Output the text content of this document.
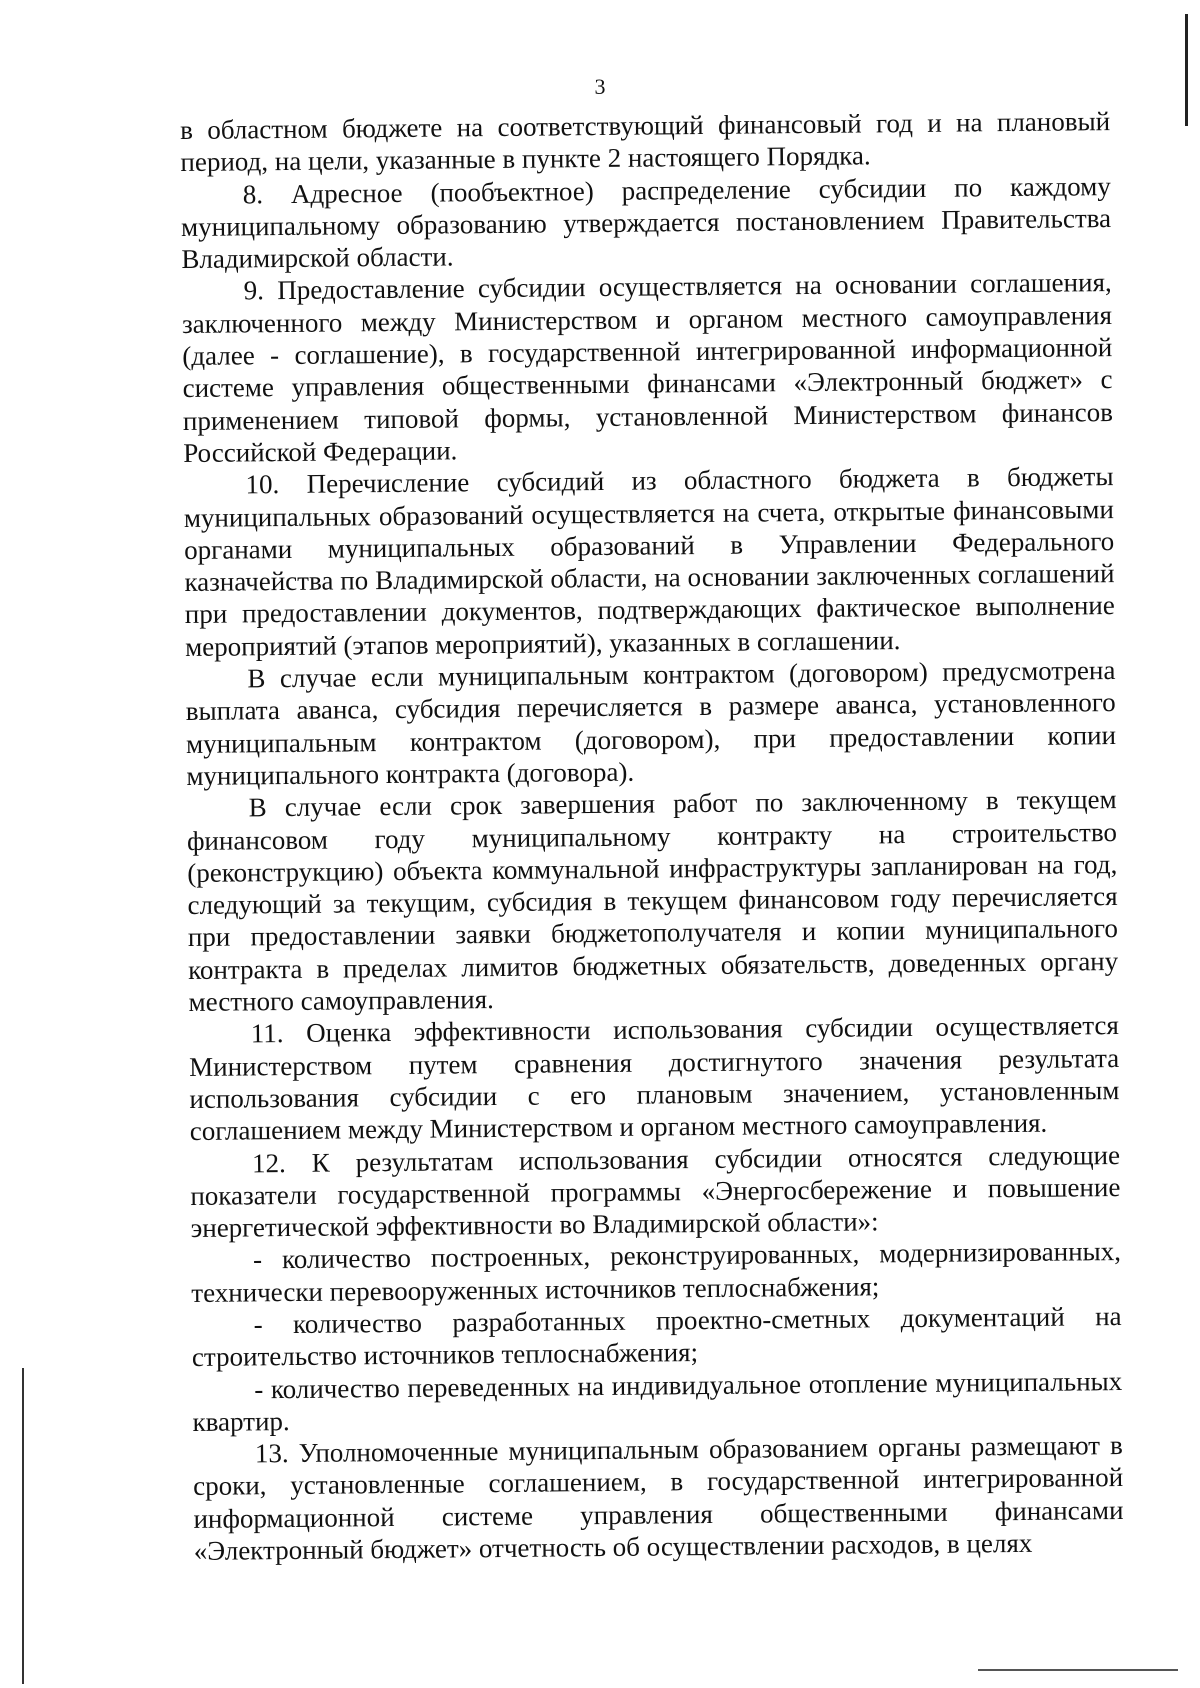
3

в областном бюджете на соответствующий финансовый год и на плановый период, на цели, указанные в пункте 2 настоящего Порядка.

8. Адресное (пообъектное) распределение субсидии по каждому муниципальному образованию утверждается постановлением Правительства Владимирской области.

9. Предоставление субсидии осуществляется на основании соглашения, заключенного между Министерством и органом местного самоуправления (далее - соглашение), в государственной интегрированной информационной системе управления общественными финансами «Электронный бюджет» с применением типовой формы, установленной Министерством финансов Российской Федерации.

10. Перечисление субсидий из областного бюджета в бюджеты муниципальных образований осуществляется на счета, открытые финансовыми органами муниципальных образований в Управлении Федерального казначейства по Владимирской области, на основании заключенных соглашений при предоставлении документов, подтверждающих фактическое выполнение мероприятий (этапов мероприятий), указанных в соглашении.

В случае если муниципальным контрактом (договором) предусмотрена выплата аванса, субсидия перечисляется в размере аванса, установленного муниципальным контрактом (договором), при предоставлении копии муниципального контракта (договора).

В случае если срок завершения работ по заключенному в текущем финансовом году муниципальному контракту на строительство (реконструкцию) объекта коммунальной инфраструктуры запланирован на год, следующий за текущим, субсидия в текущем финансовом году перечисляется при предоставлении заявки бюджетополучателя и копии муниципального контракта в пределах лимитов бюджетных обязательств, доведенных органу местного самоуправления.

11. Оценка эффективности использования субсидии осуществляется Министерством путем сравнения достигнутого значения результата использования субсидии с его плановым значением, установленным соглашением между Министерством и органом местного самоуправления.

12. К результатам использования субсидии относятся следующие показатели государственной программы «Энергосбережение и повышение энергетической эффективности во Владимирской области»:

- количество построенных, реконструированных, модернизированных, технически перевооруженных источников теплоснабжения;

- количество разработанных проектно-сметных документаций на строительство источников теплоснабжения;

- количество переведенных на индивидуальное отопление муниципальных квартир.

13. Уполномоченные муниципальным образованием органы размещают в сроки, установленные соглашением, в государственной интегрированной информационной системе управления общественными финансами «Электронный бюджет» отчетность об осуществлении расходов, в целях
